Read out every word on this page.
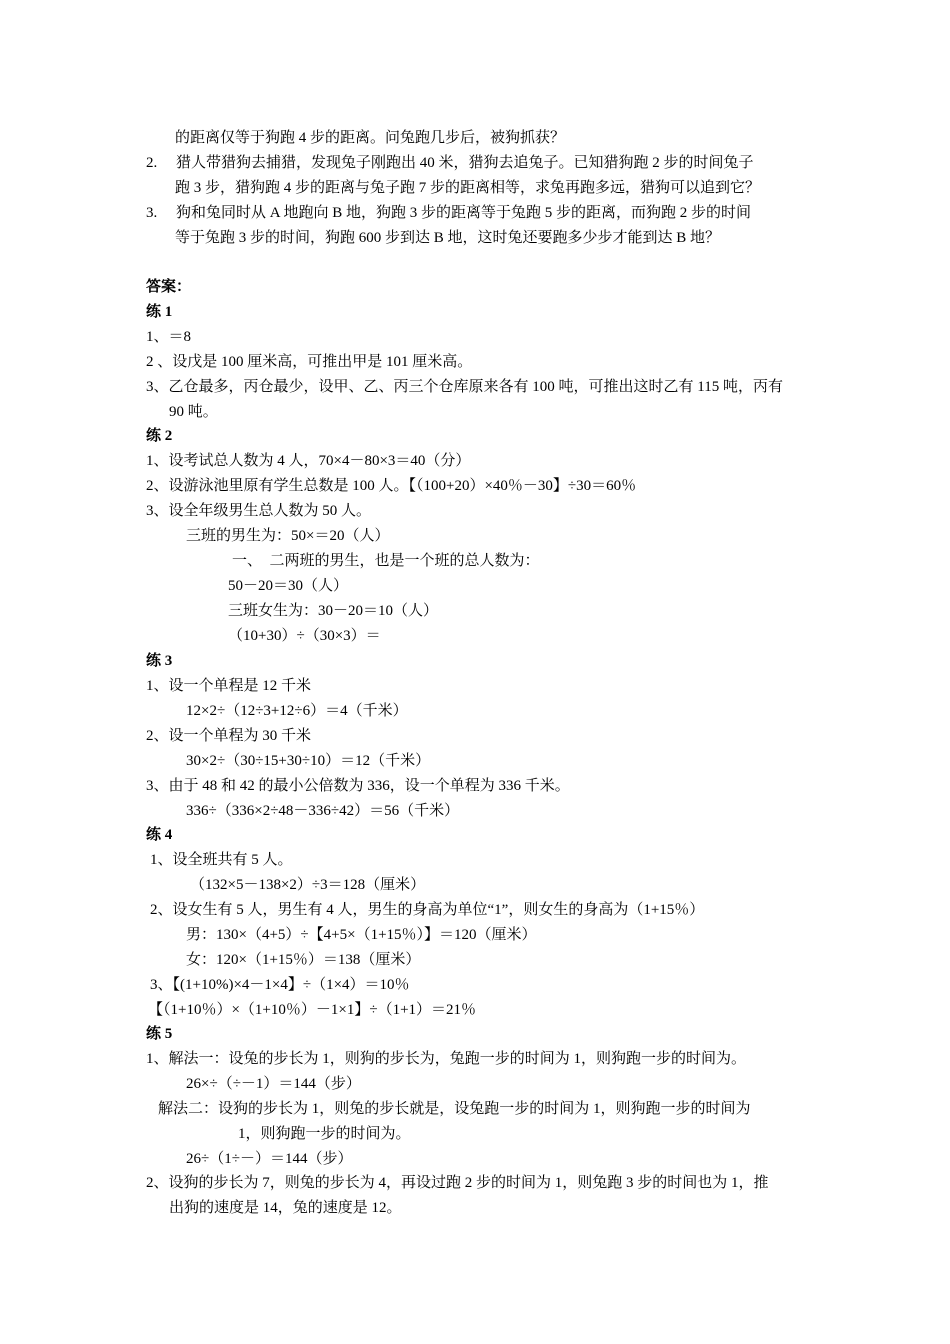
的距离仅等于狗跑 4 步的距离。问兔跑几步后，被狗抓获？
2. 猎人带猎狗去捕猎，发现兔子刚跑出 40 米，猎狗去追兔子。已知猎狗跑 2 步的时间兔子
跑 3 步，猎狗跑 4 步的距离与兔子跑 7 步的距离相等，求兔再跑多远，猎狗可以追到它？
3. 狗和兔同时从 A 地跑向 B 地，狗跑 3 步的距离等于兔跑 5 步的距离，而狗跑 2 步的时间
等于兔跑 3 步的时间，狗跑 600 步到达 B 地，这时兔还要跑多少步才能到达 B 地？
答案：
练 1
1、＝8
2 、设戊是 100 厘米高，可推出甲是 101 厘米高。
3、乙仓最多，丙仓最少，设甲、乙、丙三个仓库原来各有 100 吨，可推出这时乙有 115 吨，丙有
90 吨。
练 2
1、设考试总人数为 4 人，70×4－80×3＝40（分）
2、设游泳池里原有学生总数是 100 人。【（100+20）×40％－30】÷30＝60％
3、设全年级男生总人数为 50 人。
三班的男生为：50×＝20（人）
一、　二两班的男生，也是一个班的总人数为：
50－20＝30（人）
三班女生为：30－20＝10（人）
（10+30）÷（30×3）＝
练 3
1、设一个单程是 12 千米
12×2÷（12÷3+12÷6）＝4（千米）
2、设一个单程为 30 千米
30×2÷（30÷15+30÷10）＝12（千米）
3、由于 48 和 42 的最小公倍数为 336，设一个单程为 336 千米。
336÷（336×2÷48－336÷42）＝56（千米）
练 4
1、设全班共有 5 人。
（132×5－138×2）÷3＝128（厘米）
2、设女生有 5 人，男生有 4 人，男生的身高为单位“1”，则女生的身高为（1+15％）
男：130×（4+5）÷【4+5×（1+15％）】＝120（厘米）
女：120×（1+15％）＝138（厘米）
3、【(1+10%)×4－1×4】÷（1×4）＝10％
【（1+10％）×（1+10％）－1×1】÷（1+1）＝21％
练 5
1、解法一：设兔的步长为 1，则狗的步长为，兔跑一步的时间为 1，则狗跑一步的时间为。
26×÷（÷－1）＝144（步）
解法二：设狗的步长为 1，则兔的步长就是，设兔跑一步的时间为 1，则狗跑一步的时间为
1，则狗跑一步的时间为。
26÷（1÷－）＝144（步）
2、设狗的步长为 7，则兔的步长为 4，再设过跑 2 步的时间为 1，则兔跑 3 步的时间也为 1，推
出狗的速度是 14，兔的速度是 12。
